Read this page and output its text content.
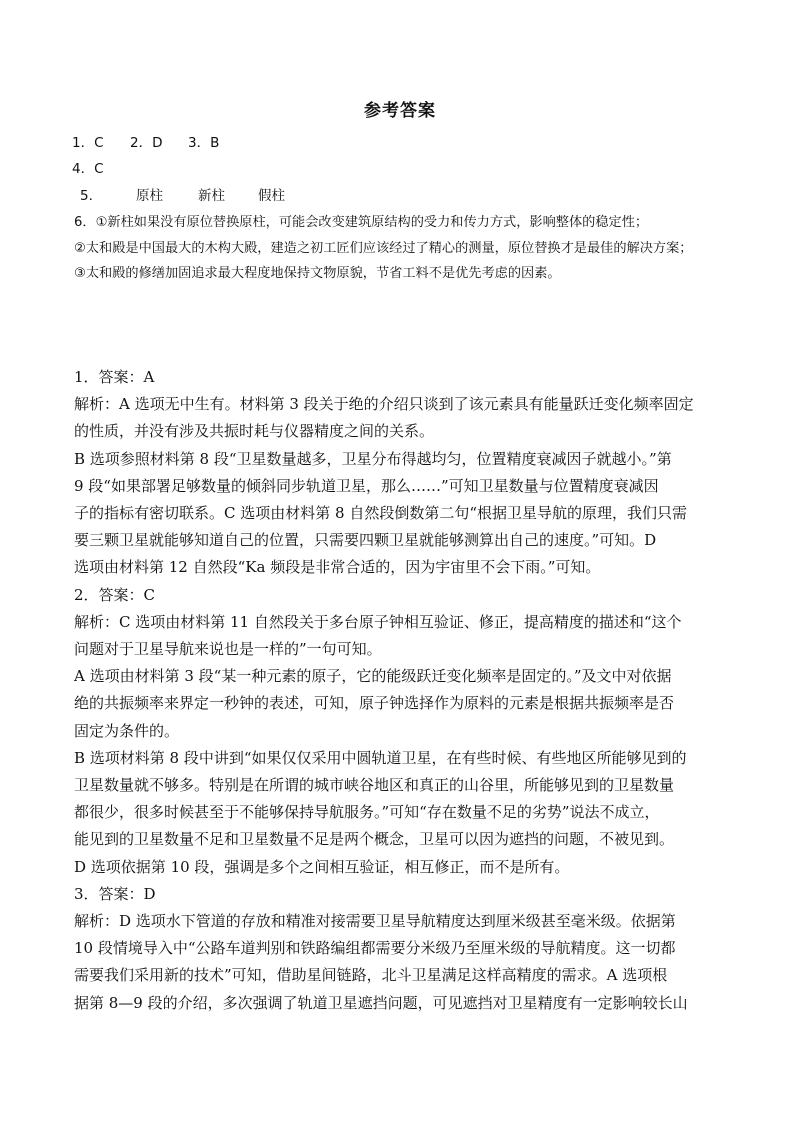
参考答案
1．C 2．D 3．B
4．C
5.	原柱	新柱 假柱
6．①新柱如果没有原位替换原柱，可能会改变建筑原结构的受力和传力方式，影响整体的稳定性；
②太和殿是中国最大的木构大殿，建造之初工匠们应该经过了精心的测量，原位替换才是最佳的解决方案；
③太和殿的修缮加固追求最大程度地保持文物原貌，节省工料不是优先考虑的因素。

1．答案：A

解析：A 选项无中生有。材料第 3 段关于绝的介绍只谈到了该元素具有能量跃迁变化频率固定

的性质，并没有涉及共振时耗与仪器精度之间的关系。

B 选项参照材料第 8 段“卫星数量越多，卫星分布得越均匀，位置精度衰减因子就越小。”第

9 段“如果部署足够数量的倾斜同步轨道卫星，那么……”可知卫星数量与位置精度衰减因

子的指标有密切联系。C 选项由材料第 8 自然段倒数第二句“根据卫星导航的原理，我们只需

要三颗卫星就能够知道自己的位置，只需要四颗卫星就能够测算出自己的速度。”可知。D

选项由材料第 12 自然段“Ka 频段是非常合适的，因为宇宙里不会下雨。”可知。

2．答案：C

解析：C 选项由材料第 11 自然段关于多台原子钟相互验证、修正，提高精度的描述和“这个

问题对于卫星导航来说也是一样的”一句可知。

A 选项由材料第 3 段“某一种元素的原子，它的能级跃迁变化频率是固定的。”及文中对依据

绝的共振频率来界定一秒钟的表述，可知，原子钟选择作为原料的元素是根据共振频率是否

固定为条件的。

B 选项材料第 8 段中讲到“如果仅仅采用中圆轨道卫星，在有些时候、有些地区所能够见到的

卫星数量就不够多。特别是在所谓的城市峡谷地区和真正的山谷里，所能够见到的卫星数量

都很少，很多时候甚至于不能够保持导航服务。”可知“存在数量不足的劣势”说法不成立，

能见到的卫星数量不足和卫星数量不足是两个概念，卫星可以因为遮挡的问题，不被见到。

D 选项依据第 10 段，强调是多个之间相互验证，相互修正，而不是所有。

3．答案：D

解析：D 选项水下管道的存放和精准对接需要卫星导航精度达到厘米级甚至毫米级。依据第

10 段情境导入中“公路车道判别和铁路编组都需要分米级乃至厘米级的导航精度。这一切都

需要我们采用新的技术”可知，借助星间链路，北斗卫星满足这样高精度的需求。A 选项根

据第 8—9 段的介绍，多次强调了轨道卫星遮挡问题，可见遮挡对卫星精度有一定影响较长山
